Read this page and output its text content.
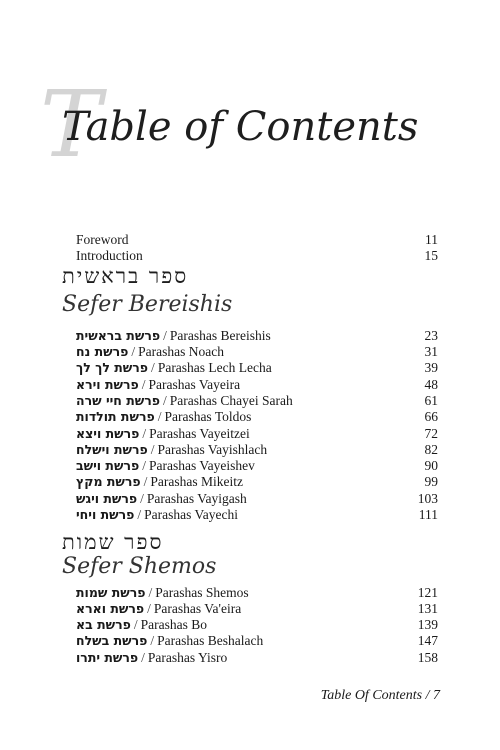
T
Table of Contents
Foreword	11
Introduction	15
ספר בראשית
Sefer Bereishis
פרשת בראשית / Parashas Bereishis	23
פרשת נח / Parashas Noach	31
פרשת לך לך / Parashas Lech Lecha	39
פרשת וירא / Parashas Vayeira	48
פרשת חיי שרה / Parashas Chayei Sarah	61
פרשת תולדות / Parashas Toldos	66
פרשת ויצא / Parashas Vayeitzei	72
פרשת וישלח / Parashas Vayishlach	82
פרשת וישב / Parashas Vayeishev	90
פרשת מקץ / Parashas Mikeitz	99
פרשת ויגש / Parashas Vayigash	103
פרשת ויחי / Parashas Vayechi	111
ספר שמות
Sefer Shemos
פרשת שמות / Parashas Shemos	121
פרשת וארא / Parashas Va'eira	131
פרשת בא / Parashas Bo	139
פרשת בשלח / Parashas Beshalach	147
פרשת יתרו / Parashas Yisro	158
Table Of Contents / 7
